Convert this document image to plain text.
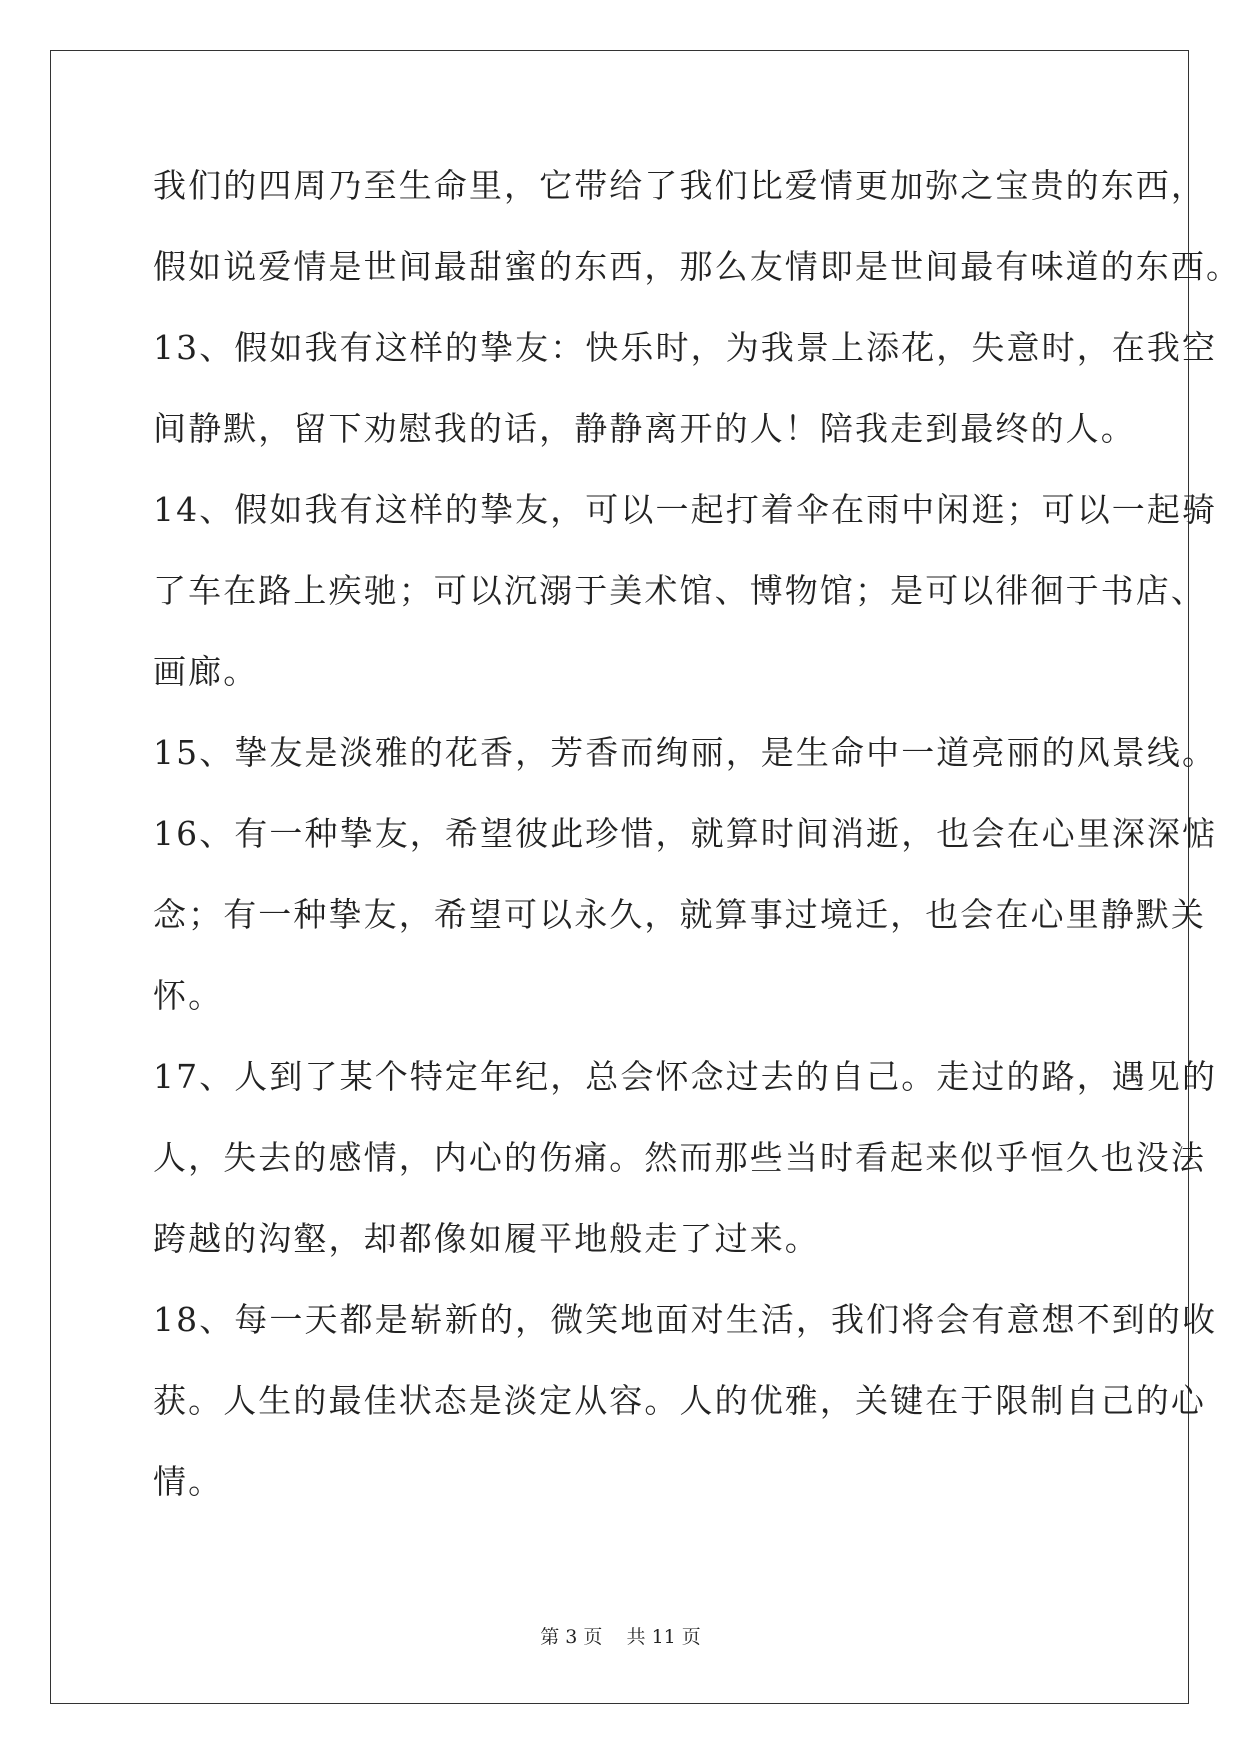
我们的四周乃至生命里，它带给了我们比爱情更加弥之宝贵的东西，
假如说爱情是世间最甜蜜的东西，那么友情即是世间最有味道的东西。
13、假如我有这样的挚友：快乐时，为我景上添花，失意时，在我空
间静默，留下劝慰我的话，静静离开的人！陪我走到最终的人。
14、假如我有这样的挚友，可以一起打着伞在雨中闲逛；可以一起骑
了车在路上疾驰；可以沉溺于美术馆、博物馆；是可以徘徊于书店、
画廊。
15、挚友是淡雅的花香，芳香而绚丽，是生命中一道亮丽的风景线。
16、有一种挚友，希望彼此珍惜，就算时间消逝，也会在心里深深惦
念；有一种挚友，希望可以永久，就算事过境迁，也会在心里静默关
怀。
17、人到了某个特定年纪，总会怀念过去的自己。走过的路，遇见的
人，失去的感情，内心的伤痛。然而那些当时看起来似乎恒久也没法
跨越的沟壑，却都像如履平地般走了过来。
18、每一天都是崭新的，微笑地面对生活，我们将会有意想不到的收
获。人生的最佳状态是淡定从容。人的优雅，关键在于限制自己的心
情。
第 3 页    共 11 页
